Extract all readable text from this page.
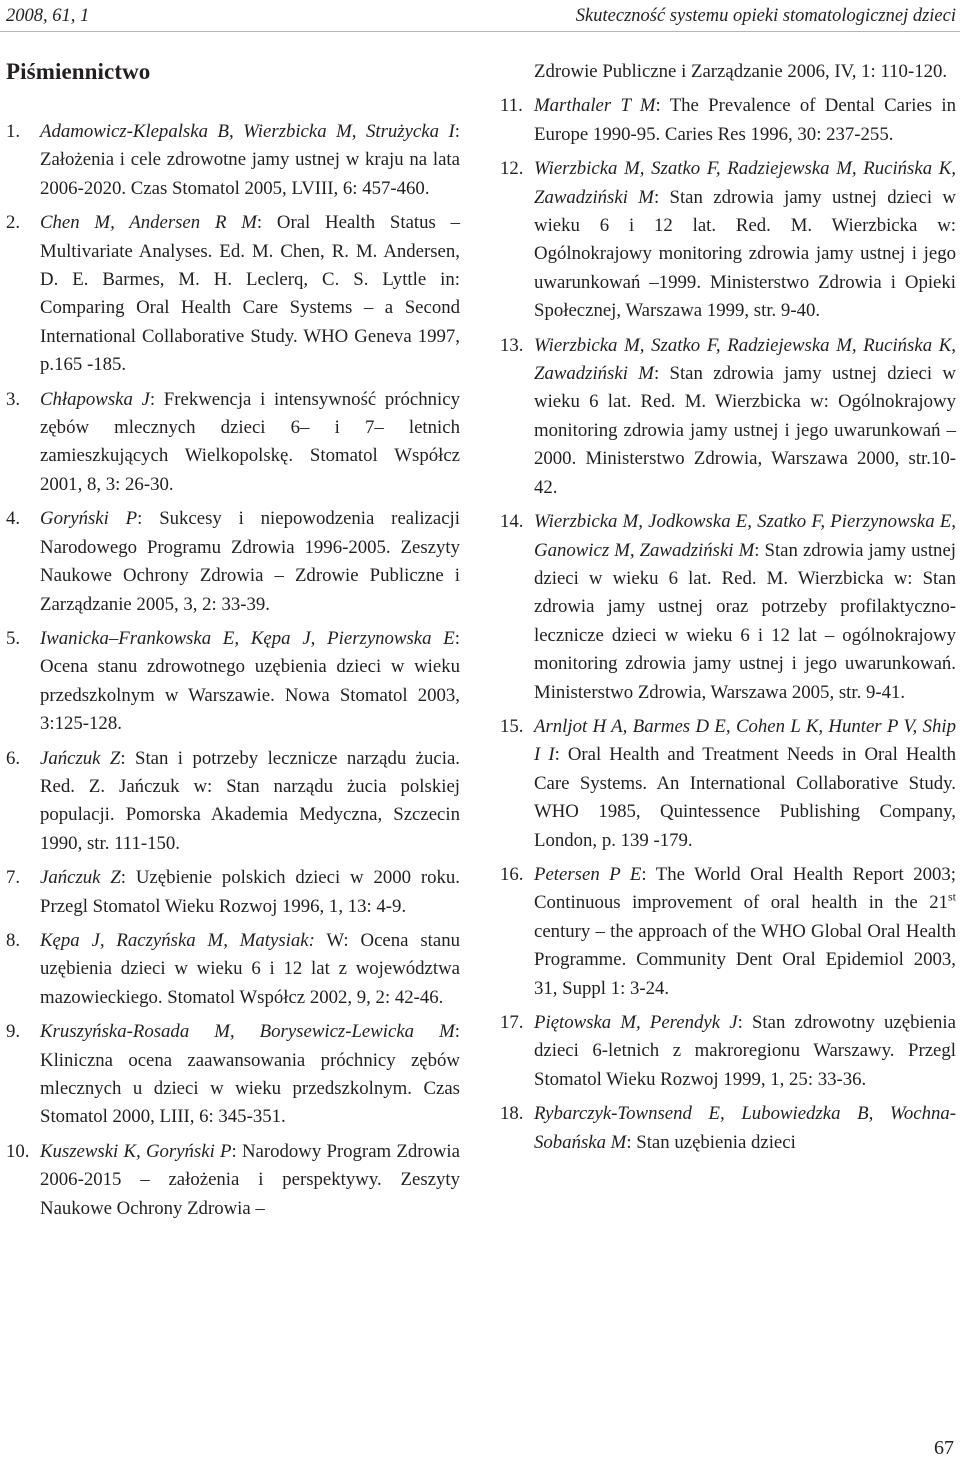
2008, 61, 1	Skuteczność systemu opieki stomatologicznej dzieci
Piśmiennictwo

1. Adamowicz-Klepalska B, Wierzbicka M, Strużycka I: Założenia i cele zdrowotne jamy ustnej w kraju na lata 2006-2020. Czas Stomatol 2005, LVIII, 6: 457-460.

2. Chen M, Andersen R M: Oral Health Status – Multivariate Analyses. Ed. M. Chen, R. M. Andersen, D. E. Barmes, M. H. Leclerq, C. S. Lyttle in: Comparing Oral Health Care Systems – a Second International Collaborative Study. WHO Geneva 1997, p.165 -185.

3. Chłapowska J: Frekwencja i intensywność próchnicy zębów mlecznych dzieci 6– i 7– letnich zamieszkujących Wielkopolskę. Stomatol Współcz 2001, 8, 3: 26-30.

4. Goryński P: Sukcesy i niepowodzenia realizacji Narodowego Programu Zdrowia 1996-2005. Zeszyty Naukowe Ochrony Zdrowia – Zdrowie Publiczne i Zarządzanie 2005, 3, 2: 33-39.

5. Iwanicka–Frankowska E, Kępa J, Pierzynowska E: Ocena stanu zdrowotnego uzębienia dzieci w wieku przedszkolnym w Warszawie. Nowa Stomatol 2003, 3:125-128.

6. Jańczuk Z: Stan i potrzeby lecznicze narządu żucia. Red. Z. Jańczuk w: Stan narządu żucia polskiej populacji. Pomorska Akademia Medyczna, Szczecin 1990, str. 111-150.

7. Jańczuk Z: Uzębienie polskich dzieci w 2000 roku. Przegl Stomatol Wieku Rozwoj 1996, 1, 13: 4-9.

8. Kępa J, Raczyńska M, Matysiak: W: Ocena stanu uzębienia dzieci w wieku 6 i 12 lat z województwa mazowieckiego. Stomatol Współcz 2002, 9, 2: 42-46.

9. Kruszyńska-Rosada M, Borysewicz-Lewicka M: Kliniczna ocena zaawansowania próchnicy zębów mlecznych u dzieci w wieku przedszkolnym. Czas Stomatol 2000, LIII, 6: 345-351.

10. Kuszewski K, Goryński P: Narodowy Program Zdrowia 2006-2015 – założenia i perspektywy. Zeszyty Naukowe Ochrony Zdrowia –

Zdrowie Publiczne i Zarządzanie 2006, IV, 1: 110-120.

11. Marthaler T M: The Prevalence of Dental Caries in Europe 1990-95. Caries Res 1996, 30: 237-255.

12. Wierzbicka M, Szatko F, Radziejewska M, Rucińska K, Zawadziński M: Stan zdrowia jamy ustnej dzieci w wieku 6 i 12 lat. Red. M. Wierzbicka w: Ogólnokrajowy monitoring zdrowia jamy ustnej i jego uwarunkowań –1999. Ministerstwo Zdrowia i Opieki Społecznej, Warszawa 1999, str. 9-40.

13. Wierzbicka M, Szatko F, Radziejewska M, Rucińska K, Zawadziński M: Stan zdrowia jamy ustnej dzieci w wieku 6 lat. Red. M. Wierzbicka w: Ogólnokrajowy monitoring zdrowia jamy ustnej i jego uwarunkowań – 2000. Ministerstwo Zdrowia, Warszawa 2000, str.10-42.

14. Wierzbicka M, Jodkowska E, Szatko F, Pierzynowska E, Ganowicz M, Zawadziński M: Stan zdrowia jamy ustnej dzieci w wieku 6 lat. Red. M. Wierzbicka w: Stan zdrowia jamy ustnej oraz potrzeby profilaktyczno-lecznicze dzieci w wieku 6 i 12 lat – ogólnokrajowy monitoring zdrowia jamy ustnej i jego uwarunkowań. Ministerstwo Zdrowia, Warszawa 2005, str. 9-41.

15. Arnljot H A, Barmes D E, Cohen L K, Hunter P V, Ship I I: Oral Health and Treatment Needs in Oral Health Care Systems. An International Collaborative Study. WHO 1985, Quintessence Publishing Company, London, p. 139 -179.

16. Petersen P E: The World Oral Health Report 2003; Continuous improvement of oral health in the 21st century – the approach of the WHO Global Oral Health Programme. Community Dent Oral Epidemiol 2003, 31, Suppl 1: 3-24.

17. Piętowska M, Perendyk J: Stan zdrowotny uzębienia dzieci 6-letnich z makroregionu Warszawy. Przegl Stomatol Wieku Rozwoj 1999, 1, 25: 33-36.

18. Rybarczyk-Townsend E, Lubowiedzka B, Wochna-Sobańska M: Stan uzębienia dzieci

67
